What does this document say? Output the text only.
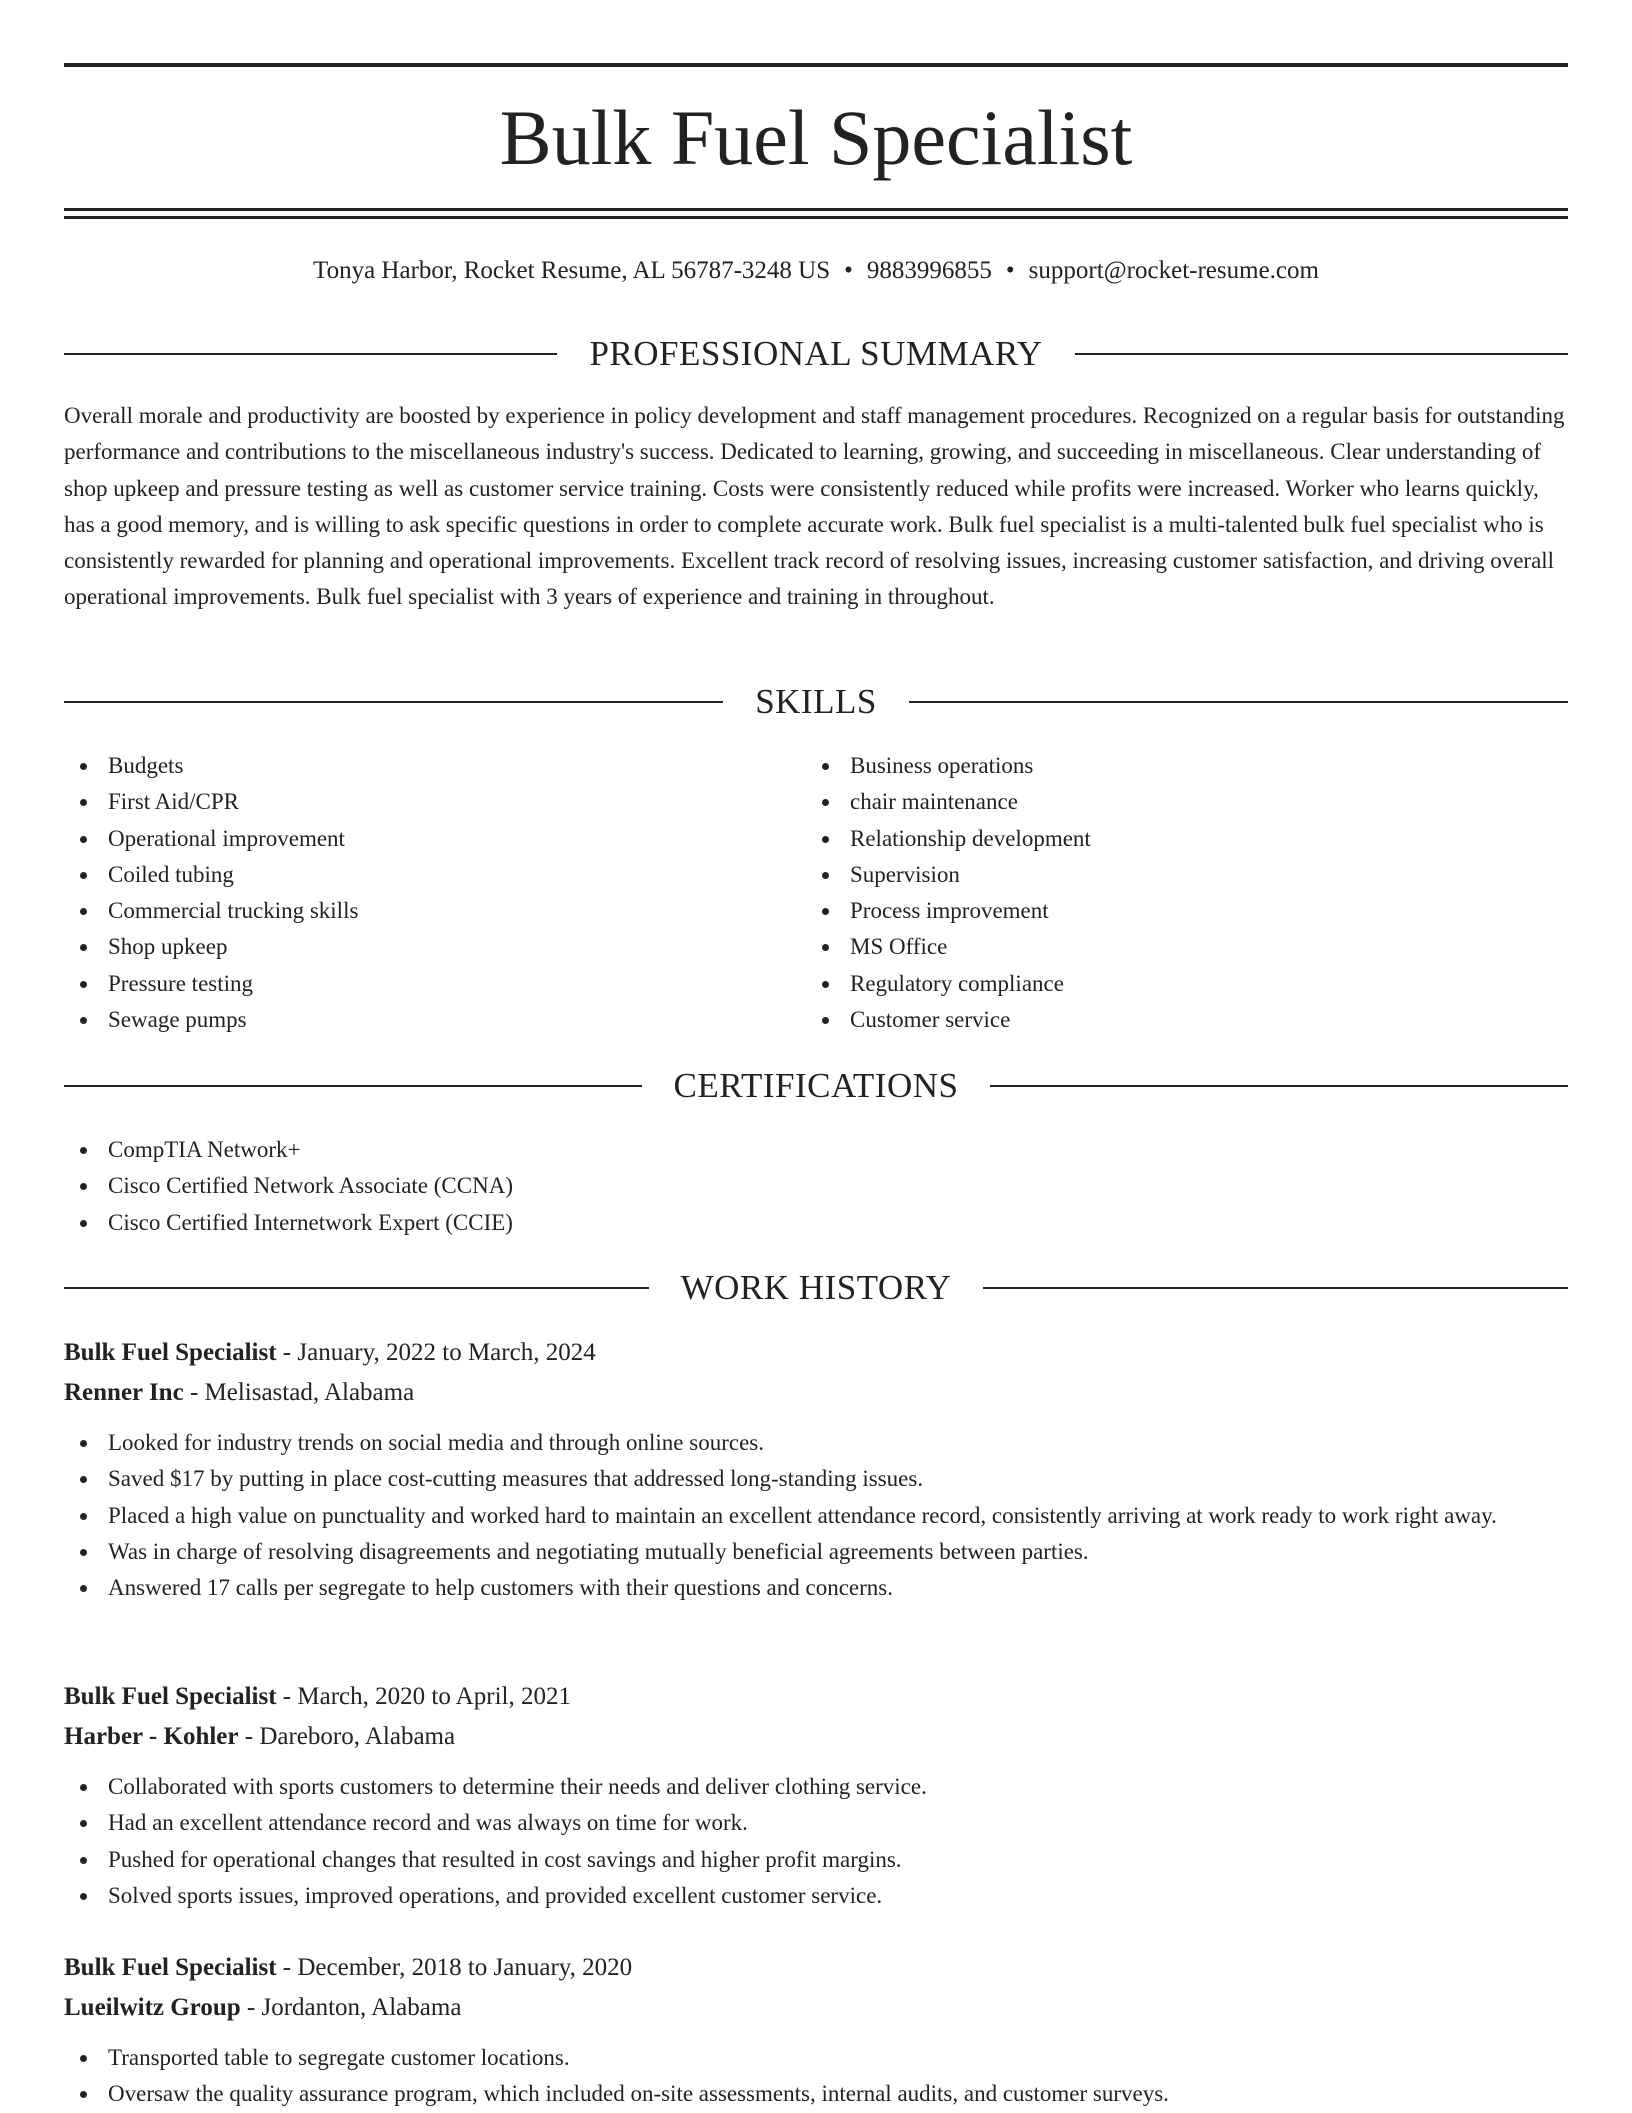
Bulk Fuel Specialist
Tonya Harbor, Rocket Resume, AL 56787-3248 US • 9883996855 • support@rocket-resume.com
PROFESSIONAL SUMMARY

Overall morale and productivity are boosted by experience in policy development and staff management procedures. Recognized on a regular basis for outstanding performance and contributions to the miscellaneous industry's success. Dedicated to learning, growing, and succeeding in miscellaneous. Clear understanding of shop upkeep and pressure testing as well as customer service training. Costs were consistently reduced while profits were increased. Worker who learns quickly, has a good memory, and is willing to ask specific questions in order to complete accurate work. Bulk fuel specialist is a multi-talented bulk fuel specialist who is consistently rewarded for planning and operational improvements. Excellent track record of resolving issues, increasing customer satisfaction, and driving overall operational improvements. Bulk fuel specialist with 3 years of experience and training in throughout.

SKILLS
Budgets
First Aid/CPR
Operational improvement
Coiled tubing
Commercial trucking skills
Shop upkeep
Pressure testing
Sewage pumps
Business operations
chair maintenance
Relationship development
Supervision
Process improvement
MS Office
Regulatory compliance
Customer service
CERTIFICATIONS
CompTIA Network+
Cisco Certified Network Associate (CCNA)
Cisco Certified Internetwork Expert (CCIE)
WORK HISTORY
Bulk Fuel Specialist - January, 2022 to March, 2024
Renner Inc - Melisastad, Alabama
Looked for industry trends on social media and through online sources.
Saved $17 by putting in place cost-cutting measures that addressed long-standing issues.
Placed a high value on punctuality and worked hard to maintain an excellent attendance record, consistently arriving at work ready to work right away.
Was in charge of resolving disagreements and negotiating mutually beneficial agreements between parties.
Answered 17 calls per segregate to help customers with their questions and concerns.
Bulk Fuel Specialist - March, 2020 to April, 2021
Harber - Kohler - Dareboro, Alabama
Collaborated with sports customers to determine their needs and deliver clothing service.
Had an excellent attendance record and was always on time for work.
Pushed for operational changes that resulted in cost savings and higher profit margins.
Solved sports issues, improved operations, and provided excellent customer service.
Bulk Fuel Specialist - December, 2018 to January, 2020
Lueilwitz Group - Jordanton, Alabama
Transported table to segregate customer locations.
Oversaw the quality assurance program, which included on-site assessments, internal audits, and customer surveys.
